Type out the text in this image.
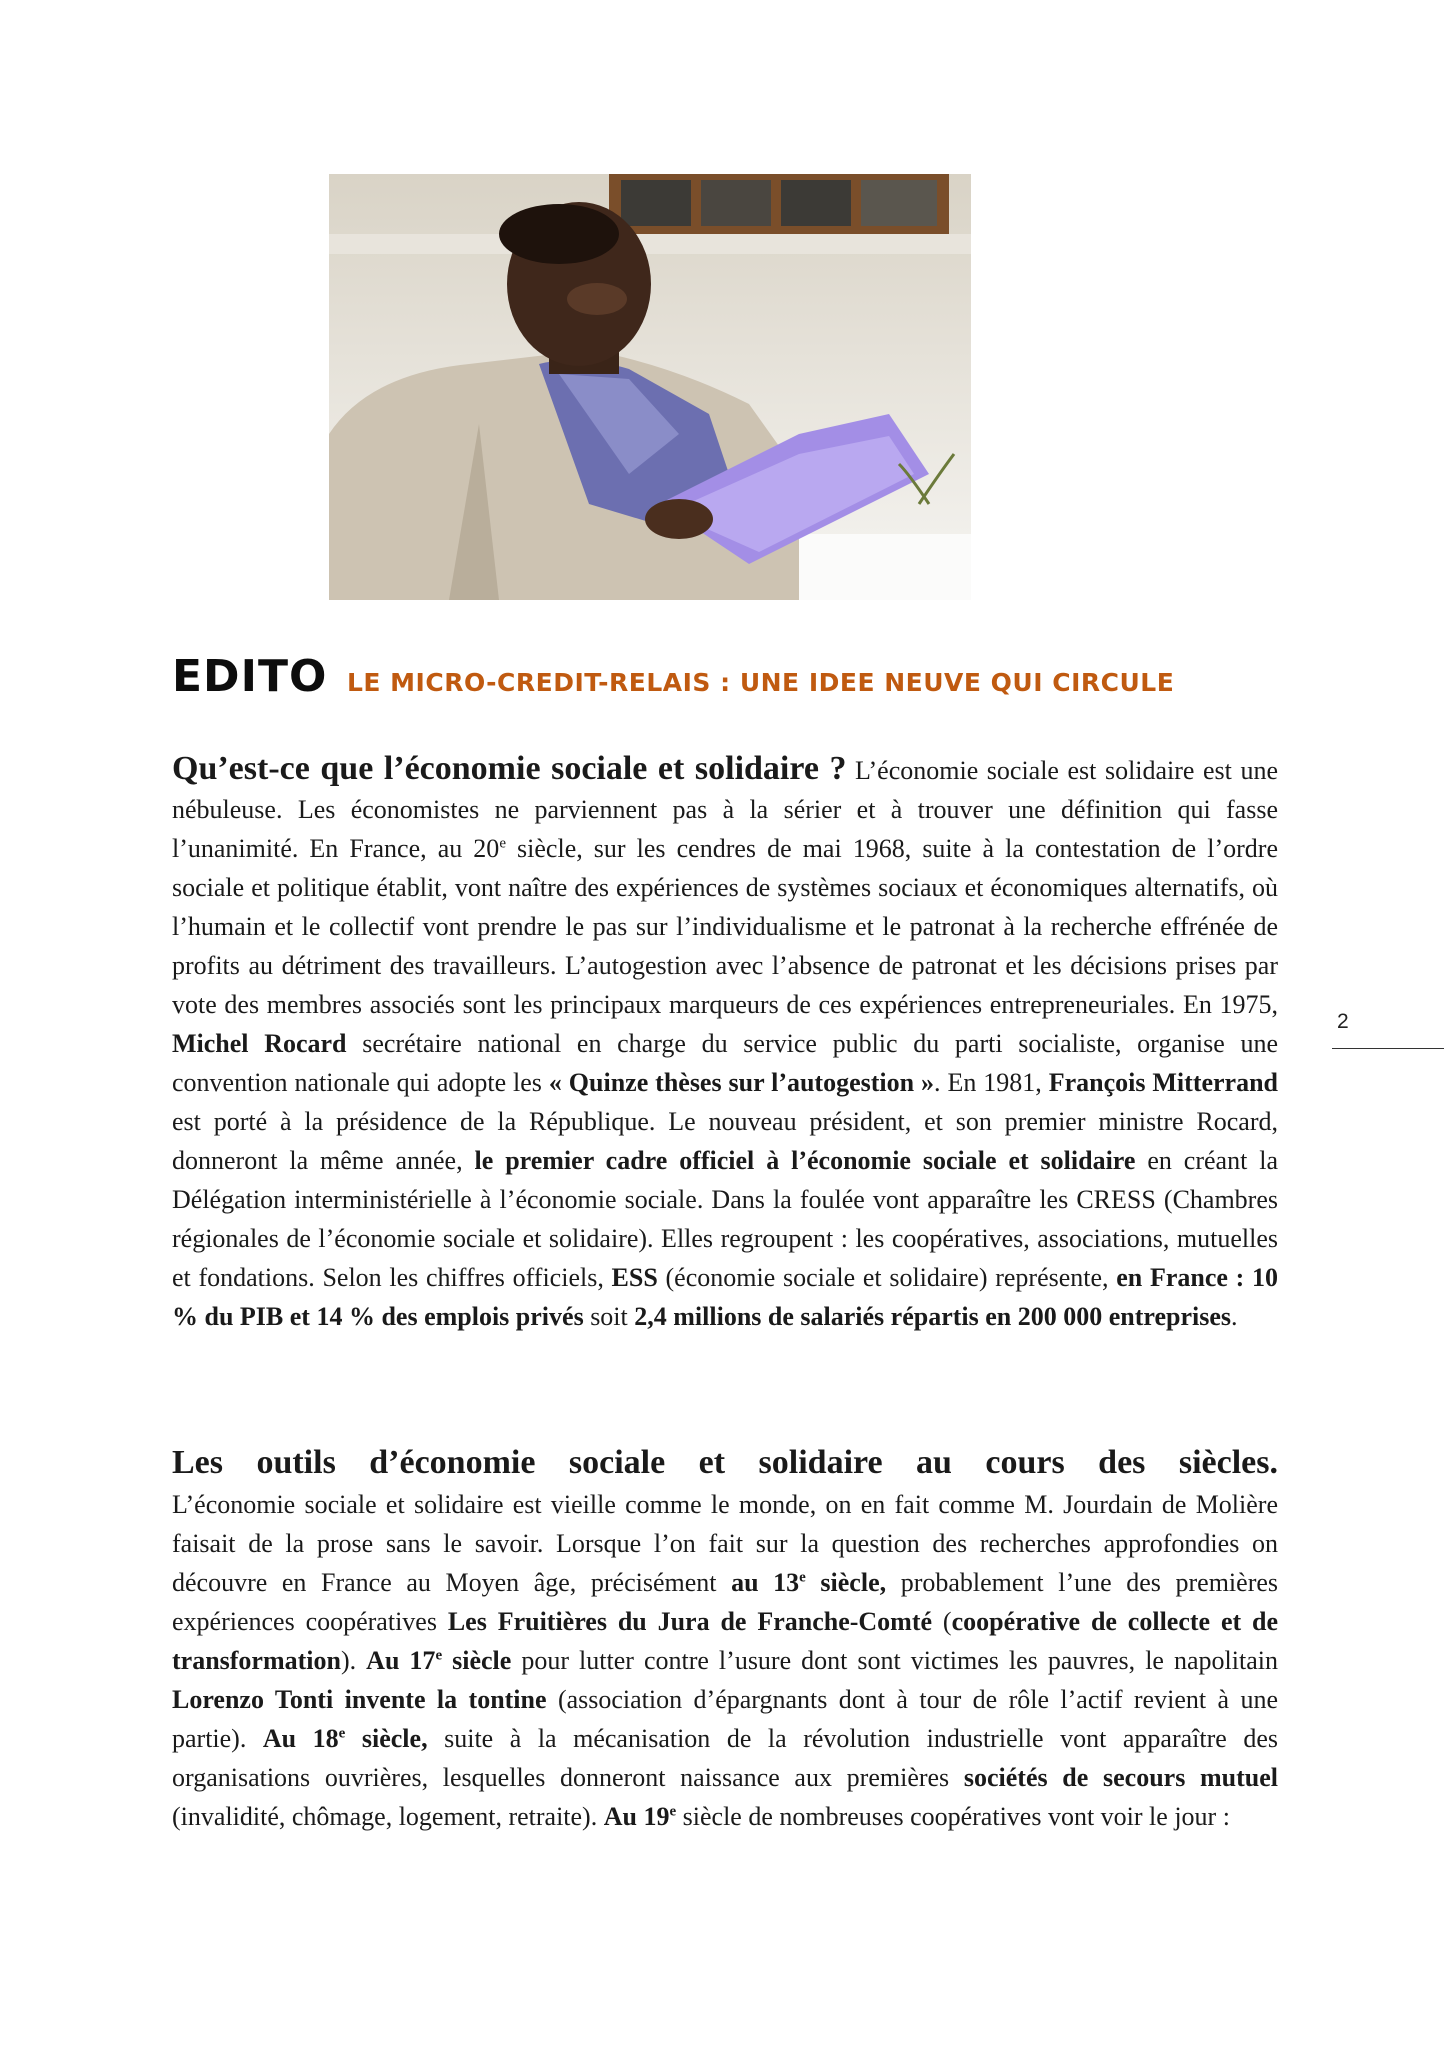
2
EDITO LE MICRO-CREDIT-RELAIS : UNE IDEE NEUVE QUI CIRCULE

Qu’est-ce que l’économie sociale et solidaire ? L’économie sociale est solidaire est une nébuleuse. Les économistes ne parviennent pas à la sérier et à trouver une définition qui fasse l’unanimité. En France, au 20e siècle, sur les cendres de mai 1968, suite à la contestation de l’ordre sociale et politique établit, vont naître des expériences de systèmes sociaux et économiques alternatifs, où l’humain et le collectif vont prendre le pas sur l’individualisme et le patronat à la recherche effrénée de profits au détriment des travailleurs. L’autogestion avec l’absence de patronat et les décisions prises par vote des membres associés sont les principaux marqueurs de ces expériences entrepreneuriales. En 1975, Michel Rocard secrétaire national en charge du service public du parti socialiste, organise une convention nationale qui adopte les « Quinze thèses sur l’autogestion ». En 1981, François Mitterrand est porté à la présidence de la République. Le nouveau président, et son premier ministre Rocard, donneront la même année, le premier cadre officiel à l’économie sociale et solidaire en créant la Délégation interministérielle à l’économie sociale. Dans la foulée vont apparaître les CRESS (Chambres régionales de l’économie sociale et solidaire). Elles regroupent : les coopératives, associations, mutuelles et fondations. Selon les chiffres officiels, ESS (économie sociale et solidaire) représente, en France : 10 % du PIB et 14 % des emplois privés soit 2,4 millions de salariés répartis en 200 000 entreprises.

Les outils d’économie sociale et solidaire au cours des siècles.
L’économie sociale et solidaire est vieille comme le monde, on en fait comme M. Jourdain de Molière faisait de la prose sans le savoir. Lorsque l’on fait sur la question des recherches approfondies on découvre en France au Moyen âge, précisément au 13e siècle, probablement l’une des premières expériences coopératives Les Fruitières du Jura de Franche-Comté (coopérative de collecte et de transformation). Au 17e siècle pour lutter contre l’usure dont sont victimes les pauvres, le napolitain Lorenzo Tonti invente la tontine (association d’épargnants dont à tour de rôle l’actif revient à une partie). Au 18e siècle, suite à la mécanisation de la révolution industrielle vont apparaître des organisations ouvrières, lesquelles donneront naissance aux premières sociétés de secours mutuel (invalidité, chômage, logement, retraite). Au 19e siècle de nombreuses coopératives vont voir le jour :
